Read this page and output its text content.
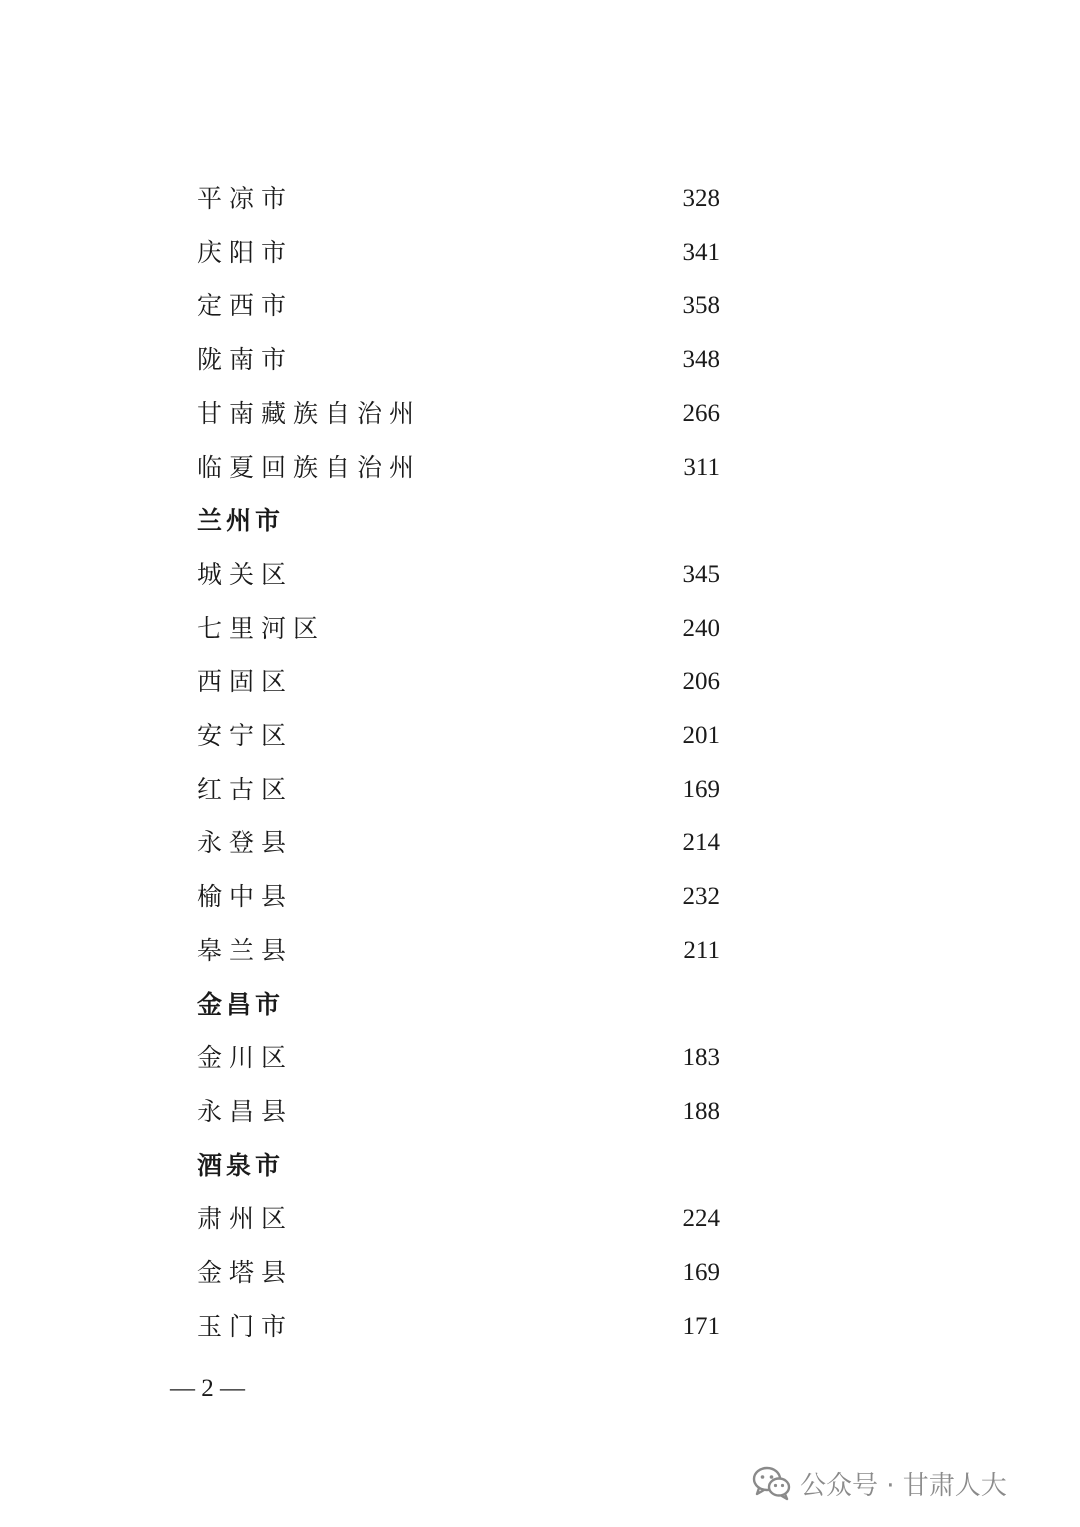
平凉市	328
庆阳市	341
定西市	358
陇南市	348
甘南藏族自治州	266
临夏回族自治州	311
兰州市
城关区	345
七里河区	240
西固区	206
安宁区	201
红古区	169
永登县	214
榆中县	232
皋兰县	211
金昌市
金川区	183
永昌县	188
酒泉市
肃州区	224
金塔县	169
玉门市	171
— 2 —
公众号 · 甘肃人大
